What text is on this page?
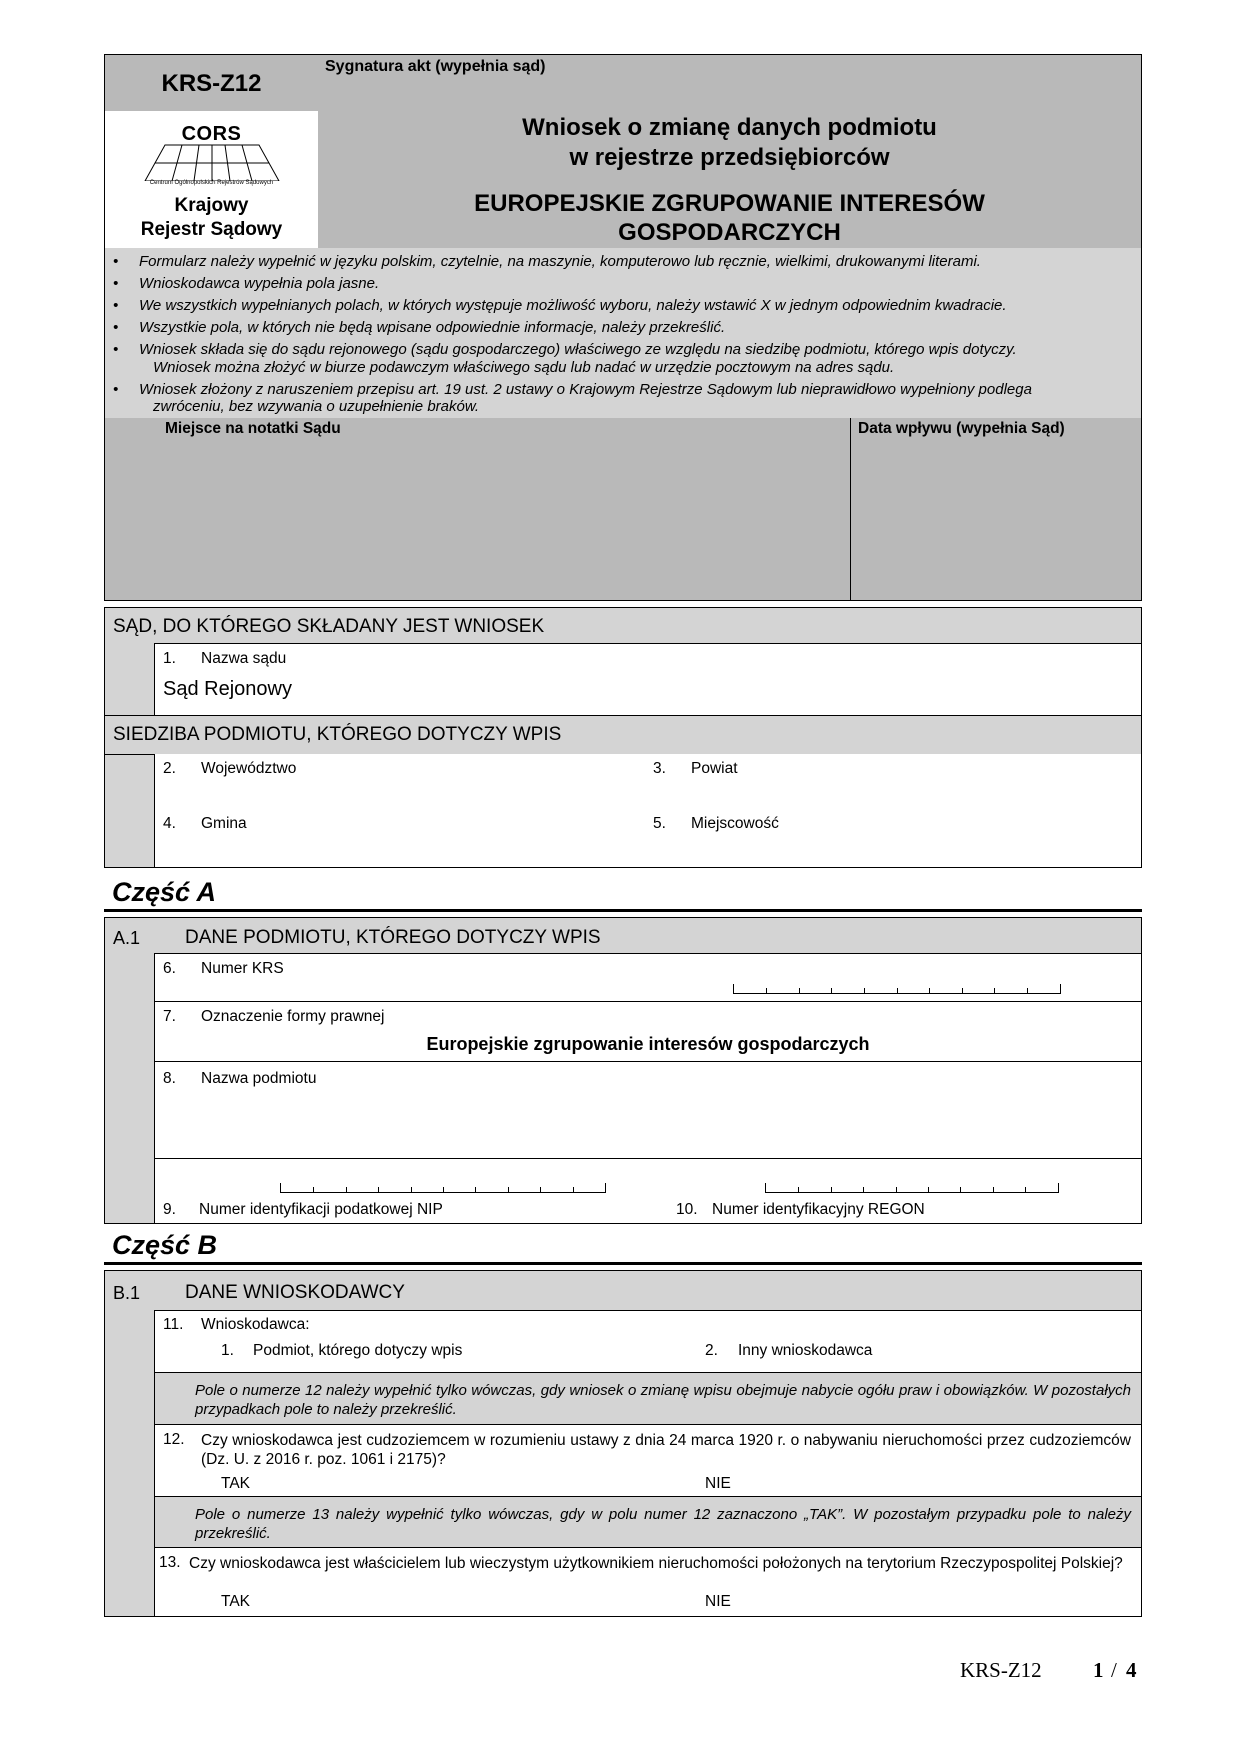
KRS-Z12
Sygnatura akt (wypełnia sąd)
CORS
Centrum Ogólnopolskich Rejestrów Sądowych
Krajowy
Rejestr Sądowy
Wniosek o zmianę danych podmiotu
w rejestrze przedsiębiorców
EUROPEJSKIE ZGRUPOWANIE INTERESÓW
GOSPODARCZYCH
• Formularz należy wypełnić w języku polskim, czytelnie, na maszynie, komputerowo lub ręcznie, wielkimi, drukowanymi literami.
• Wnioskodawca wypełnia pola jasne.
• We wszystkich wypełnianych polach, w których występuje możliwość wyboru, należy wstawić X w jednym odpowiednim kwadracie.
• Wszystkie pola, w których nie będą wpisane odpowiednie informacje, należy przekreślić.
• Wniosek składa się do sądu rejonowego (sądu gospodarczego) właściwego ze względu na siedzibę podmiotu, którego wpis dotyczy.
Wniosek można złożyć w biurze podawczym właściwego sądu lub nadać w urzędzie pocztowym na adres sądu.
• Wniosek złożony z naruszeniem przepisu art. 19 ust. 2 ustawy o Krajowym Rejestrze Sądowym lub nieprawidłowo wypełniony podlega
zwróceniu, bez wzywania o uzupełnienie braków.
Miejsce na notatki Sądu	Data wpływu (wypełnia Sąd)
SĄD, DO KTÓREGO SKŁADANY JEST WNIOSEK
1. Nazwa sądu
Sąd Rejonowy
SIEDZIBA PODMIOTU, KTÓREGO DOTYCZY WPIS
2. Województwo	3. Powiat
4. Gmina	5. Miejscowość
Część A
A.1 DANE PODMIOTU, KTÓREGO DOTYCZY WPIS
6. Numer KRS
7. Oznaczenie formy prawnej
Europejskie zgrupowanie interesów gospodarczych
8. Nazwa podmiotu
9. Numer identyfikacji podatkowej NIP	10. Numer identyfikacyjny REGON
Część B
B.1 DANE WNIOSKODAWCY
11. Wnioskodawca:
1. Podmiot, którego dotyczy wpis	2. Inny wnioskodawca
Pole o numerze 12 należy wypełnić tylko wówczas, gdy wniosek o zmianę wpisu obejmuje nabycie ogółu praw i obowiązków. W pozostałych przypadkach pole to należy przekreślić.
12. Czy wnioskodawca jest cudzoziemcem w rozumieniu ustawy z dnia 24 marca 1920 r. o nabywaniu nieruchomości przez cudzoziemców (Dz. U. z 2016 r. poz. 1061 i 2175)?
TAK	NIE
Pole o numerze 13 należy wypełnić tylko wówczas, gdy w polu numer 12 zaznaczono „TAK”. W pozostałym przypadku pole to należy przekreślić.
13. Czy wnioskodawca jest właścicielem lub wieczystym użytkownikiem nieruchomości położonych na terytorium Rzeczypospolitej Polskiej?
TAK	NIE
KRS-Z12 1 / 4
